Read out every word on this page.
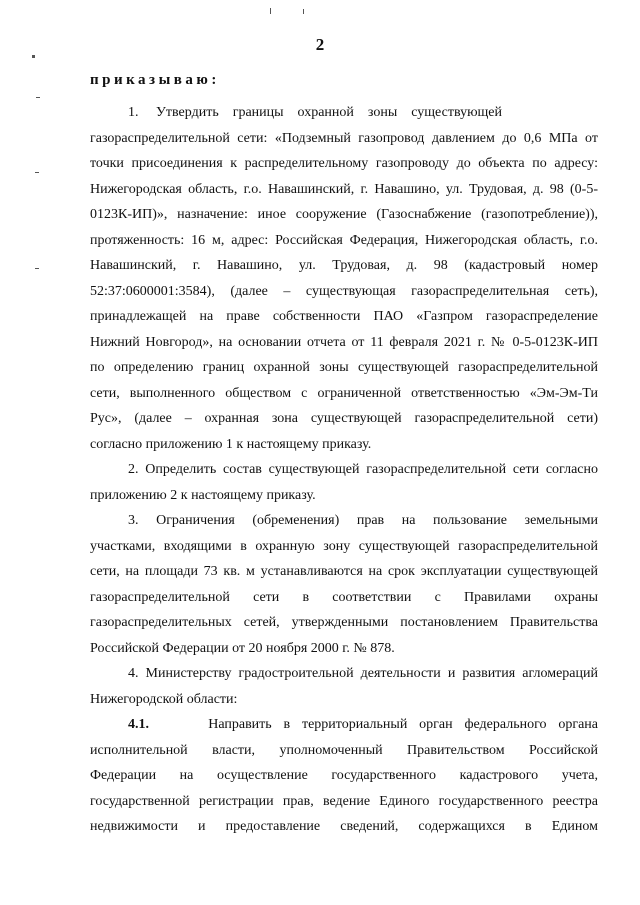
2
приказываю:
1.     Утвердить    границы    охранной    зоны    существующей
газораспределительной сети: «Подземный газопровод давлением до 0,6 МПа от
точки присоединения к распределительному газопроводу до объекта по адресу:
Нижегородская область, г.о. Навашинский, г. Навашино, ул. Трудовая, д. 98 (0-5-
0123К-ИП)», назначение: иное сооружение (Газоснабжение (газопотребление)),
протяженность: 16 м, адрес: Российская Федерация, Нижегородская область, г.о.
Навашинский, г. Навашино, ул. Трудовая, д. 98 (кадастровый номер
52:37:0600001:3584), (далее – существующая газораспределительная сеть),
принадлежащей на праве собственности ПАО «Газпром газораспределение
Нижний Новгород», на основании отчета от 11 февраля 2021 г. № 0-5-0123К-ИП
по определению границ охранной зоны существующей газораспределительной
сети, выполненного обществом с ограниченной ответственностью «Эм-Эм-Ти
Рус», (далее – охранная зона существующей газораспределительной сети)
согласно приложению 1 к настоящему приказу.
2. Определить состав существующей газораспределительной сети согласно
приложению 2 к настоящему приказу.
3. Ограничения (обременения) прав на пользование земельными
участками, входящими в охранную зону существующей газораспределительной
сети, на площади 73 кв. м устанавливаются на срок эксплуатации существующей
газораспределительной сети в соответствии с Правилами охраны
газораспределительных сетей, утвержденными постановлением Правительства
Российской Федерации от 20 ноября 2000 г. № 878.
4. Министерству градостроительной деятельности и развития агломераций
Нижегородской области:
4.1.	Направить в территориальный орган федерального органа
исполнительной власти, уполномоченный Правительством Российской
Федерации на осуществление государственного кадастрового учета,
государственной регистрации прав, ведение Единого государственного реестра
недвижимости и предоставление сведений, содержащихся в Едином
